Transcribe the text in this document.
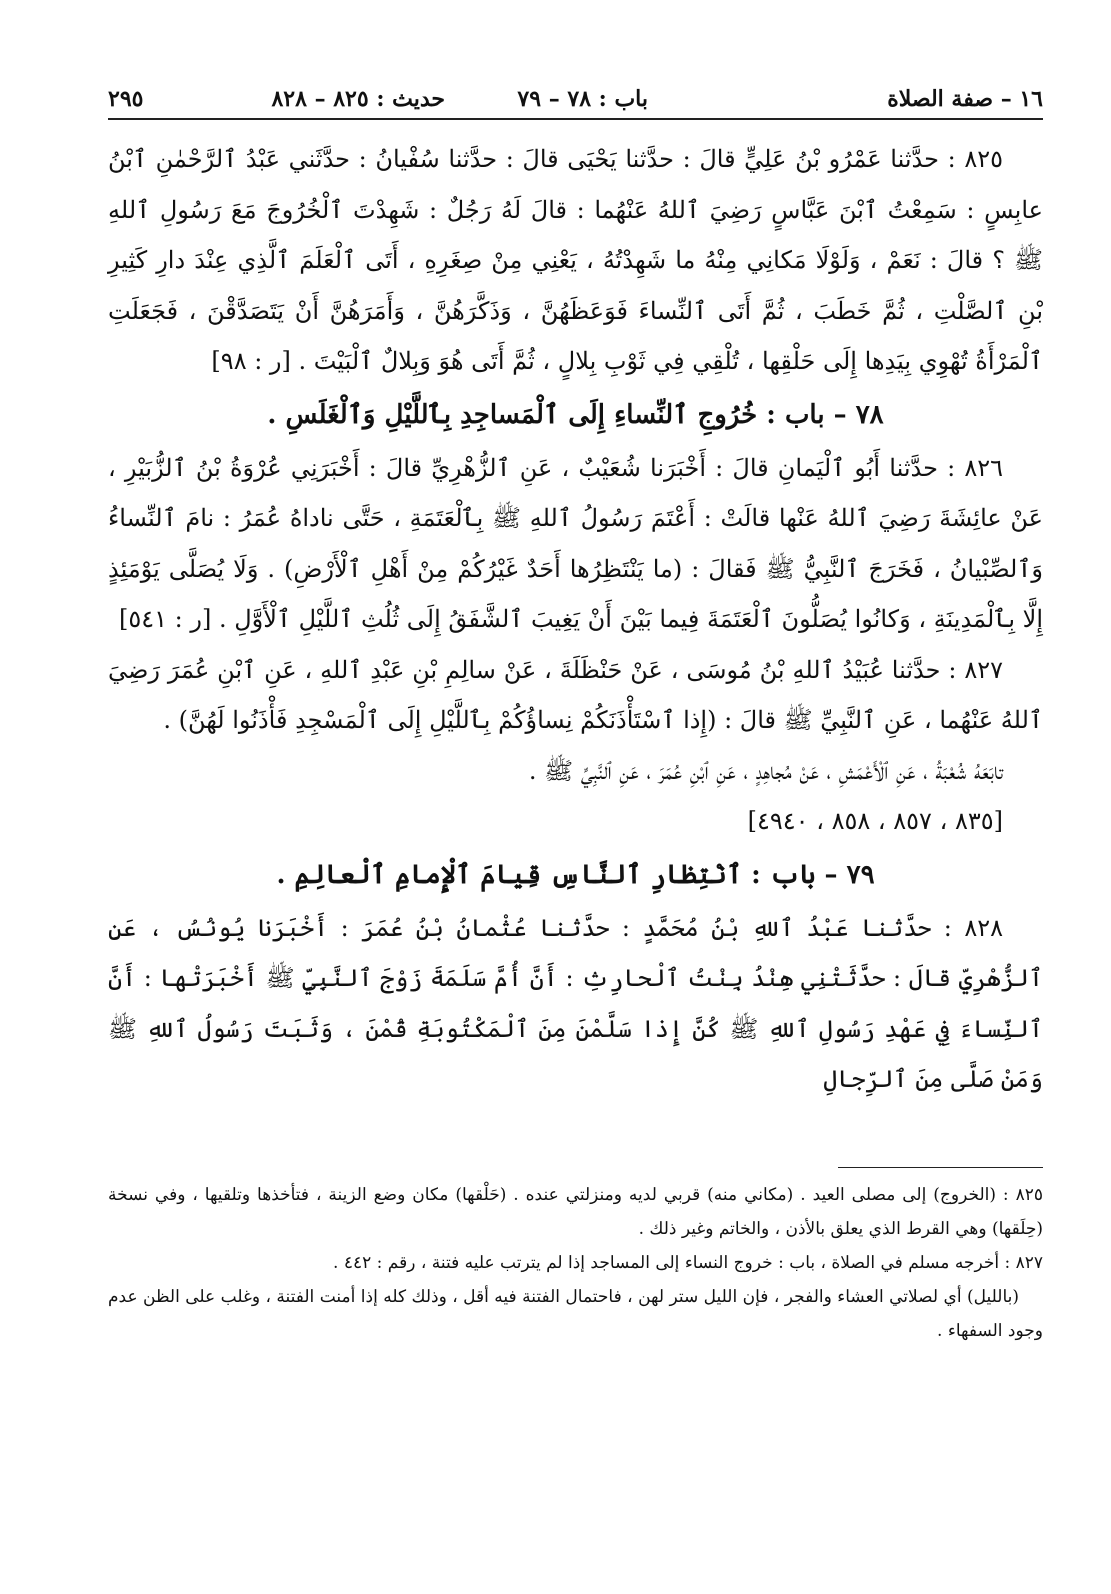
١٦ – صفة الصلاة
باب : ٧٨ – ٧٩
حديث : ٨٢٥ – ٨٢٨
٢٩٥

٨٢٥ : حدَّثنا عَمْرُو بْنُ عَلِيٍّ قالَ : حدَّثنا يَحْيَى قالَ : حدَّثنا سُفْيانُ : حدَّثَني عَبْدُ ٱلرَّحْمٰنِ ٱبْنُ عابِسٍ : سَمِعْتُ ٱبْنَ عَبَّاسٍ رَضِيَ ٱللهُ عَنْهُما : قالَ لَهُ رَجُلٌ : شَهِدْتَ ٱلْخُرُوجَ مَعَ رَسُولِ ٱللهِ ﷺ ؟ قالَ : نَعَمْ ، وَلَوْلَا مَكانِي مِنْهُ ما شَهِدْتُهُ ، يَعْنِي مِنْ صِغَرِهِ ، أَتَى ٱلْعَلَمَ ٱلَّذِي عِنْدَ دارِ كَثِيرِ بْنِ ٱلصَّلْتِ ، ثُمَّ خَطَبَ ، ثُمَّ أَتَى ٱلنِّساءَ فَوَعَظَهُنَّ ، وَذَكَّرَهُنَّ ، وَأَمَرَهُنَّ أَنْ يَتَصَدَّقْنَ ، فَجَعَلَتِ ٱلْمَرْأَةُ تُهْوِي بِيَدِها إِلَى حَلْقِها ، تُلْقِي فِي ثَوْبِ بِلالٍ ، ثُمَّ أَتَى هُوَ وَبِلالٌ ٱلْبَيْتَ . [ر : ٩٨]

٧٨ – باب : خُرُوجِ ٱلنِّساءِ إِلَى ٱلْمَساجِدِ بِٱللَّيْلِ وَٱلْغَلَسِ .

٨٢٦ : حدَّثنا أَبُو ٱلْيَمانِ قالَ : أَخْبَرَنا شُعَيْبٌ ، عَنِ ٱلزُّهْرِيِّ قالَ : أَخْبَرَنِي عُرْوَةُ بْنُ ٱلزُّبَيْرِ ، عَنْ عائِشَةَ رَضِيَ ٱللهُ عَنْها قالَتْ : أَعْتَمَ رَسُولُ ٱللهِ ﷺ بِٱلْعَتَمَةِ ، حَتَّى ناداهُ عُمَرُ : نامَ ٱلنِّساءُ وَٱلصِّبْيانُ ، فَخَرَجَ ٱلنَّبِيُّ ﷺ فَقالَ : (ما يَنْتَظِرُها أَحَدٌ غَيْرُكُمْ مِنْ أَهْلِ ٱلْأَرْضِ) . وَلَا يُصَلَّى يَوْمَئِذٍ إِلَّا بِٱلْمَدِينَةِ ، وَكانُوا يُصَلُّونَ ٱلْعَتَمَةَ فِيما بَيْنَ أَنْ يَغِيبَ ٱلشَّفَقُ إِلَى ثُلُثِ ٱللَّيْلِ ٱلْأَوَّلِ . [ر : ٥٤١]

٨٢٧ : حدَّثنا عُبَيْدُ ٱللهِ بْنُ مُوسَى ، عَنْ حَنْظَلَةَ ، عَنْ سالِمِ بْنِ عَبْدِ ٱللهِ ، عَنِ ٱبْنِ عُمَرَ رَضِيَ ٱللهُ عَنْهُما ، عَنِ ٱلنَّبِيِّ ﷺ قالَ : (إِذا ٱسْتَأْذَنَكُمْ نِساؤُكُمْ بِٱللَّيْلِ إِلَى ٱلْمَسْجِدِ فَأْذَنُوا لَهُنَّ) .

تابَعَهُ شُعْبَةُ ، عَنِ ٱلْأَعْمَشِ ، عَنْ مُجاهِدٍ ، عَنِ ٱبْنِ عُمَرَ ، عَنِ ٱلنَّبِيِّ ﷺ .

[٨٣٥ ، ٨٥٧ ، ٨٥٨ ، ٤٩٤٠]

٧٩ – باب : ٱنْتِظارِ ٱلنَّاسِ قِيامَ ٱلْإِمامِ ٱلْعالِمِ .

٨٢٨ : حدَّثنا عَبْدُ ٱللهِ بْنُ مُحَمَّدٍ : حدَّثنا عُثْمانُ بْنُ عُمَرَ : أَخْبَرَنا يُونُسُ ، عَنِ ٱلزُّهْرِيِّ قالَ : حدَّثَتْنِي هِنْدُ بِنْتُ ٱلْحارِثِ : أَنَّ أُمَّ سَلَمَةَ زَوْجَ ٱلنَّبِيِّ ﷺ أَخْبَرَتْها : أَنَّ ٱلنِّساءَ فِي عَهْدِ رَسُولِ ٱللهِ ﷺ كُنَّ إِذا سَلَّمْنَ مِنَ ٱلْمَكْتُوبَةِ قُمْنَ ، وَثَبَتَ رَسُولُ ٱللهِ ﷺ وَمَنْ صَلَّى مِنَ ٱلرِّجالِ

٨٢٥ : (الخروج) إلى مصلى العيد . (مكاني منه) قربي لديه ومنزلتي عنده . (حَلْقها) مكان وضع الزينة ، فتأخذها وتلقيها ، وفي نسخة (حِلَقها) وهي القرط الذي يعلق بالأذن ، والخاتم وغير ذلك .

٨٢٧ : أخرجه مسلم في الصلاة ، باب : خروج النساء إلى المساجد إذا لم يترتب عليه فتنة ، رقم : ٤٤٢ .

(بالليل) أي لصلاتي العشاء والفجر ، فإن الليل ستر لهن ، فاحتمال الفتنة فيه أقل ، وذلك كله إذا أمنت الفتنة ، وغلب على الظن عدم وجود السفهاء .
